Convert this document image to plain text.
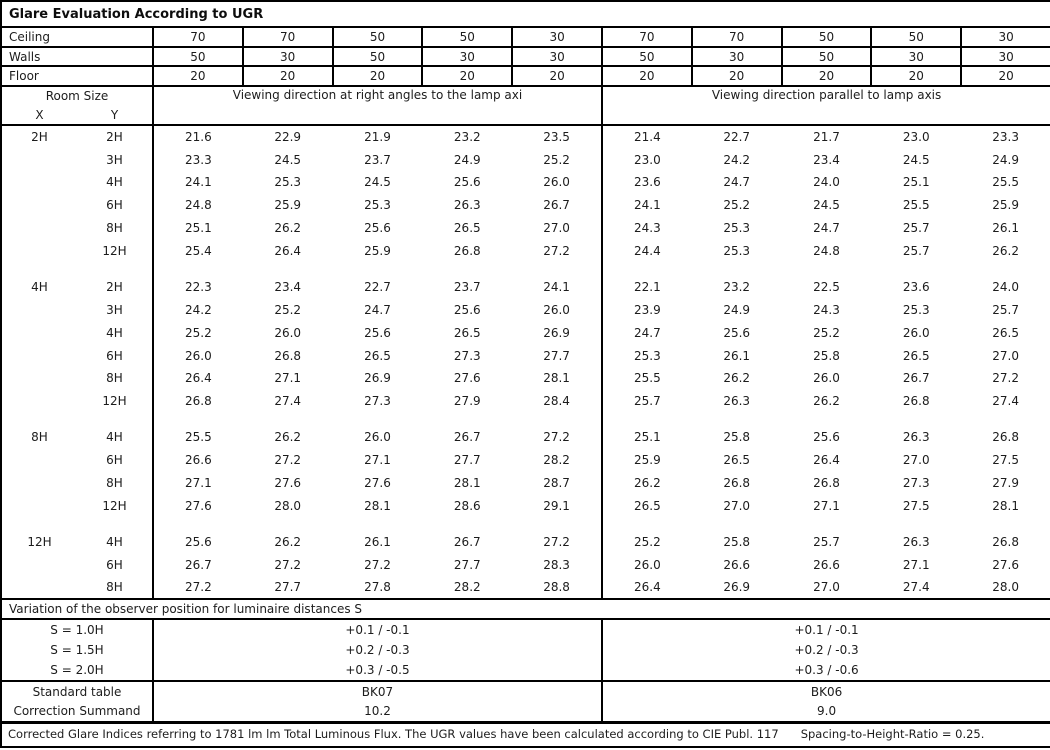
Glare Evaluation According to UGR											
Ceiling		70	70	50	50	30	70	70	50	50	30
Walls		50	30	50	30	30	50	30	50	30	30
Floor		20	20	20	20	20	20	20	20	20	20
Room Size		Viewing direction at right angles to the lamp axi					Viewing direction parallel to lamp axis				
X	Y										
2H	2H	21.6	22.9	21.9	23.2	23.5	21.4	22.7	21.7	23.0	23.3
	3H	23.3	24.5	23.7	24.9	25.2	23.0	24.2	23.4	24.5	24.9
	4H	24.1	25.3	24.5	25.6	26.0	23.6	24.7	24.0	25.1	25.5
	6H	24.8	25.9	25.3	26.3	26.7	24.1	25.2	24.5	25.5	25.9
	8H	25.1	26.2	25.6	26.5	27.0	24.3	25.3	24.7	25.7	26.1
	12H	25.4	26.4	25.9	26.8	27.2	24.4	25.3	24.8	25.7	26.2

4H	2H	22.3	23.4	22.7	23.7	24.1	22.1	23.2	22.5	23.6	24.0
	3H	24.2	25.2	24.7	25.6	26.0	23.9	24.9	24.3	25.3	25.7
	4H	25.2	26.0	25.6	26.5	26.9	24.7	25.6	25.2	26.0	26.5
	6H	26.0	26.8	26.5	27.3	27.7	25.3	26.1	25.8	26.5	27.0
	8H	26.4	27.1	26.9	27.6	28.1	25.5	26.2	26.0	26.7	27.2
	12H	26.8	27.4	27.3	27.9	28.4	25.7	26.3	26.2	26.8	27.4

8H	4H	25.5	26.2	26.0	26.7	27.2	25.1	25.8	25.6	26.3	26.8
	6H	26.6	27.2	27.1	27.7	28.2	25.9	26.5	26.4	27.0	27.5
	8H	27.1	27.6	27.6	28.1	28.7	26.2	26.8	26.8	27.3	27.9
	12H	27.6	28.0	28.1	28.6	29.1	26.5	27.0	27.1	27.5	28.1

12H	4H	25.6	26.2	26.1	26.7	27.2	25.2	25.8	25.7	26.3	26.8
	6H	26.7	27.2	27.2	27.7	28.3	26.0	26.6	26.6	27.1	27.6
	8H	27.2	27.7	27.8	28.2	28.8	26.4	26.9	27.0	27.4	28.0
Variation of the observer position for luminaire distances S											
S = 1.0H		+0.1 / -0.1					+0.1 / -0.1				
S = 1.5H		+0.2 / -0.3					+0.2 / -0.3				
S = 2.0H		+0.3 / -0.5					+0.3 / -0.6				
Standard table		BK07					BK06				
Correction Summand		10.2					9.0				
Corrected Glare Indices referring to 1781 lm lm Total Luminous Flux. The UGR values have been calculated according to CIE Publ. 117 Spacing-to-Height-Ratio = 0.25.											
